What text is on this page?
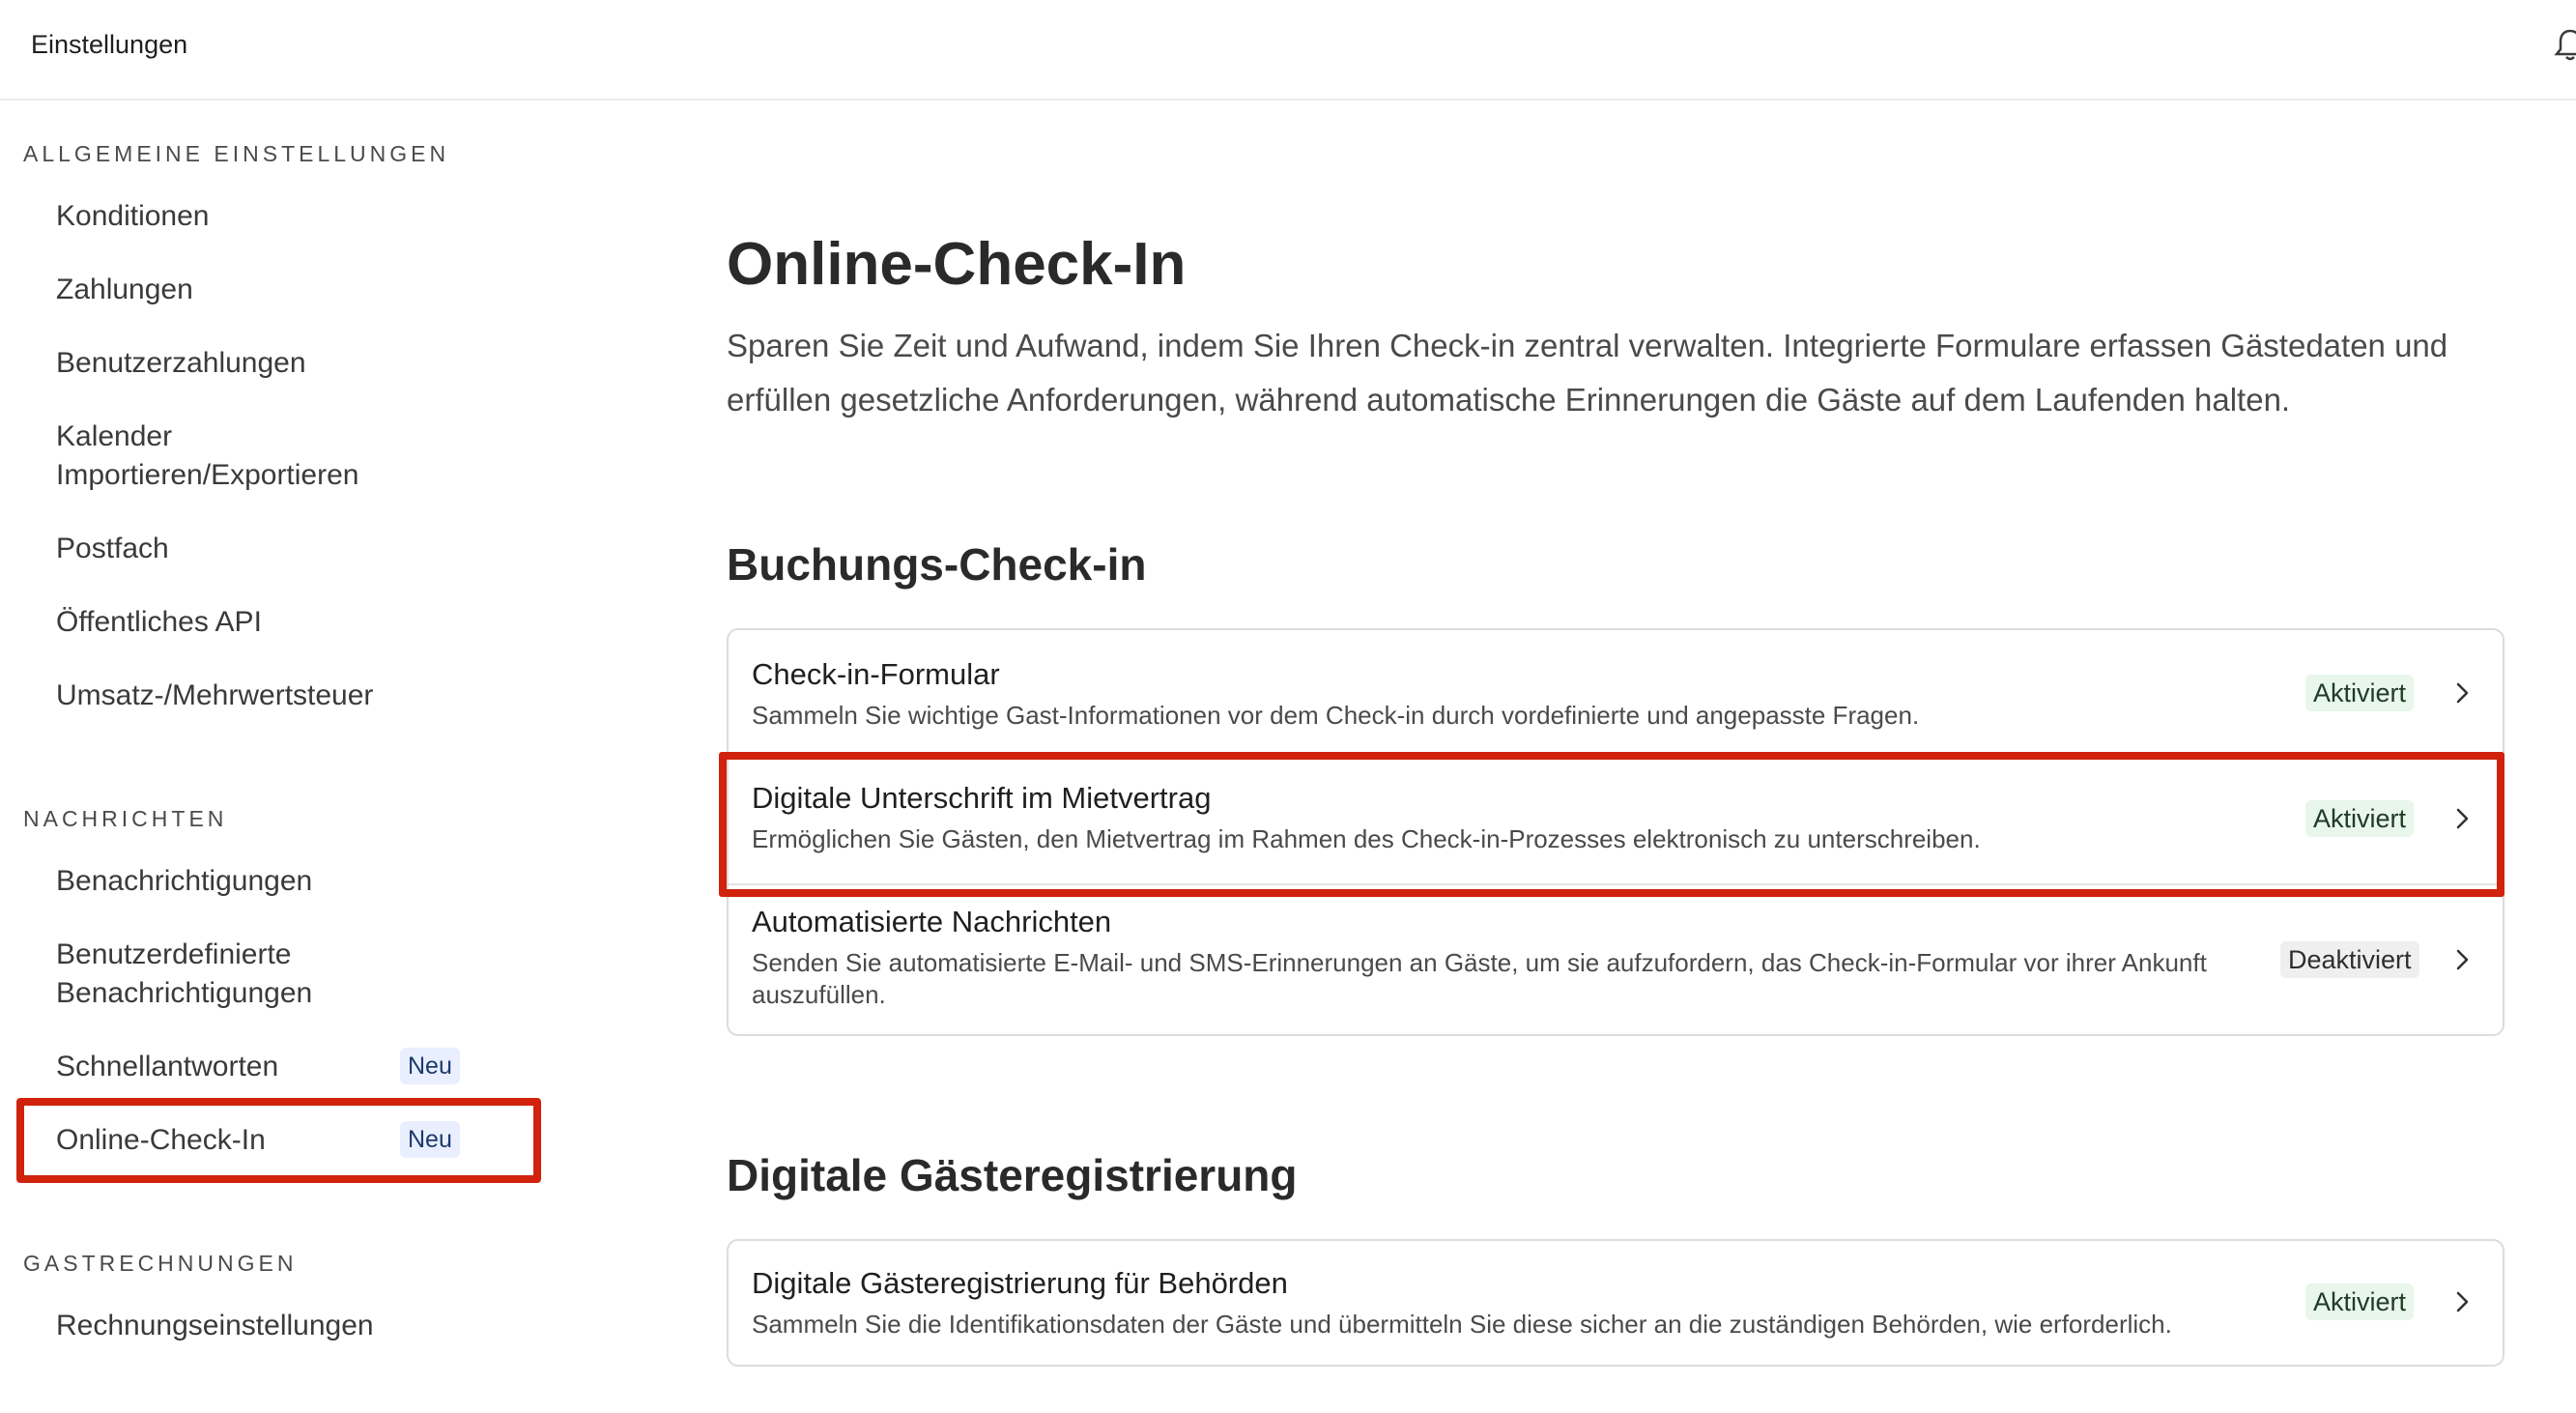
Einstellungen
ALLGEMEINE EINSTELLUNGEN
Konditionen
Zahlungen
Benutzerzahlungen
Kalender Importieren/Exportieren
Postfach
Öffentliches API
Umsatz-/Mehrwertsteuer
NACHRICHTEN
Benachrichtigungen
Benutzerdefinierte Benachrichtigungen
Schnellantworten	Neu
Online-Check-In	Neu
GASTRECHNUNGEN
Rechnungseinstellungen
Online-Check-In
Sparen Sie Zeit und Aufwand, indem Sie Ihren Check-in zentral verwalten. Integrierte Formulare erfassen Gästedaten und erfüllen gesetzliche Anforderungen, während automatische Erinnerungen die Gäste auf dem Laufenden halten.
Buchungs-Check-in
Check-in-Formular
Sammeln Sie wichtige Gast-Informationen vor dem Check-in durch vordefinierte und angepasste Fragen.
Aktiviert
Digitale Unterschrift im Mietvertrag
Ermöglichen Sie Gästen, den Mietvertrag im Rahmen des Check-in-Prozesses elektronisch zu unterschreiben.
Aktiviert
Automatisierte Nachrichten
Senden Sie automatisierte E-Mail- und SMS-Erinnerungen an Gäste, um sie aufzufordern, das Check-in-Formular vor ihrer Ankunft auszufüllen.
Deaktiviert
Digitale Gästeregistrierung
Digitale Gästeregistrierung für Behörden
Sammeln Sie die Identifikationsdaten der Gäste und übermitteln Sie diese sicher an die zuständigen Behörden, wie erforderlich.
Aktiviert
